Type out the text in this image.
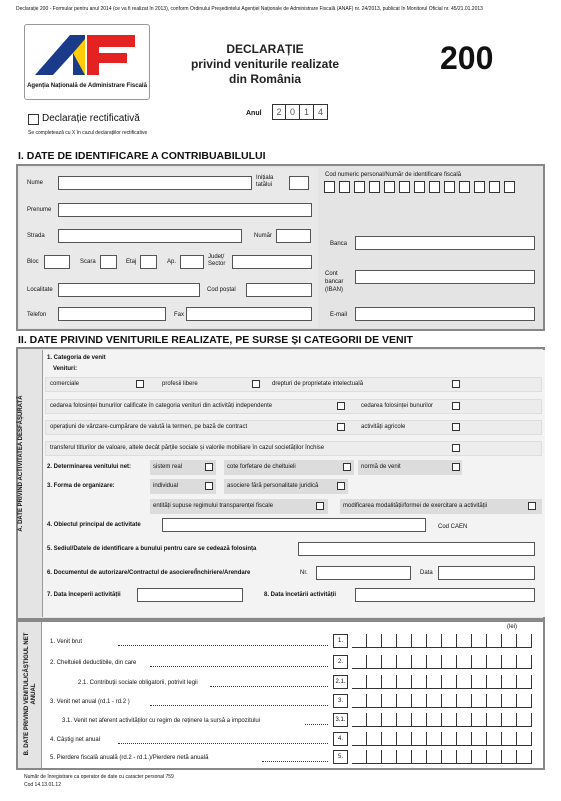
Declarație 200 - Formular pentru anul 2014 (ce va fi realizat în 2013), conform Ordinului Președintelui Agenției Naționale de Administrare Fiscală (ANAF) nr. 24/2013, publicat în Monitorul Oficial nr. 45/21.01.2013
Agenția Națională de Administrare Fiscală
DECLARAȚIE
privind veniturile realizate
din România
200
Anul	2 0 1 4
Declarație rectificativă
Se completează cu X în cazul declarațiilor rectificative
I. DATE DE IDENTIFICARE A CONTRIBUABILULUI
Nume
Inițiala tatălui
Cod numeric personal/Număr de identificare fiscală
Prenume
Strada	Număr
Banca
Bloc	Scara	Etaj	Ap.
Județ/ Sector
Cont bancar (IBAN)
Localitate	Cod poștal
Telefon	Fax	E-mail
II. DATE PRIVIND VENITURILE REALIZATE, PE SURSE ȘI CATEGORII DE VENIT
A. DATE PRIVIND ACTIVITATEA DESFĂȘURATĂ
1. Categoria de venit
Venituri:
comerciale	profesii libere	drepturi de proprietate intelectuală
cedarea folosinței bunurilor calificate în categoria venituri din activități independente	cedarea folosinței bunurilor
operațiuni de vânzare-cumpărare de valută la termen, pe bază de contract	activități agricole
transferul titlurilor de valoare, altele decât părțile sociale și valorile mobiliare în cazul societăților închise
2. Determinarea venitului net:	sistem real	cote forfetare de cheltuieli	normă de venit
3. Forma de organizare:	individual	asociere fără personalitate juridică
entități supuse regimului transparenței fiscale	modificarea modalității/formei de exercitare a activității
4. Obiectul principal de activitate	Cod CAEN
5. Sediul/Datele de identificare a bunului pentru care se cedează folosința
6. Documentul de autorizare/Contractul de asociere/Închiriere/Arendare	Nr.	Data
7. Data începerii activității	8. Data încetării activității
B. DATE PRIVIND VENITUL/CÂȘTIGUL NET ANUAL
(lei)
1. Venit brut	1.
2. Cheltuieli deductibile, din care	2.
2.1. Contribuții sociale obligatorii, potrivit legii	2.1.
3. Venit net anual (rd.1 - rd.2 )	3.
3.1. Venit net aferent activităților cu regim de reținere la sursă a impozitului	3.1.
4. Câștig net anual	4.
5. Pierdere fiscală anuală (rd.2 - rd.1.)/Pierdere netă anuală	5.
Număr de înregistrare ca operator de date cu caracter personal 759
Cod 14.13.01.12
